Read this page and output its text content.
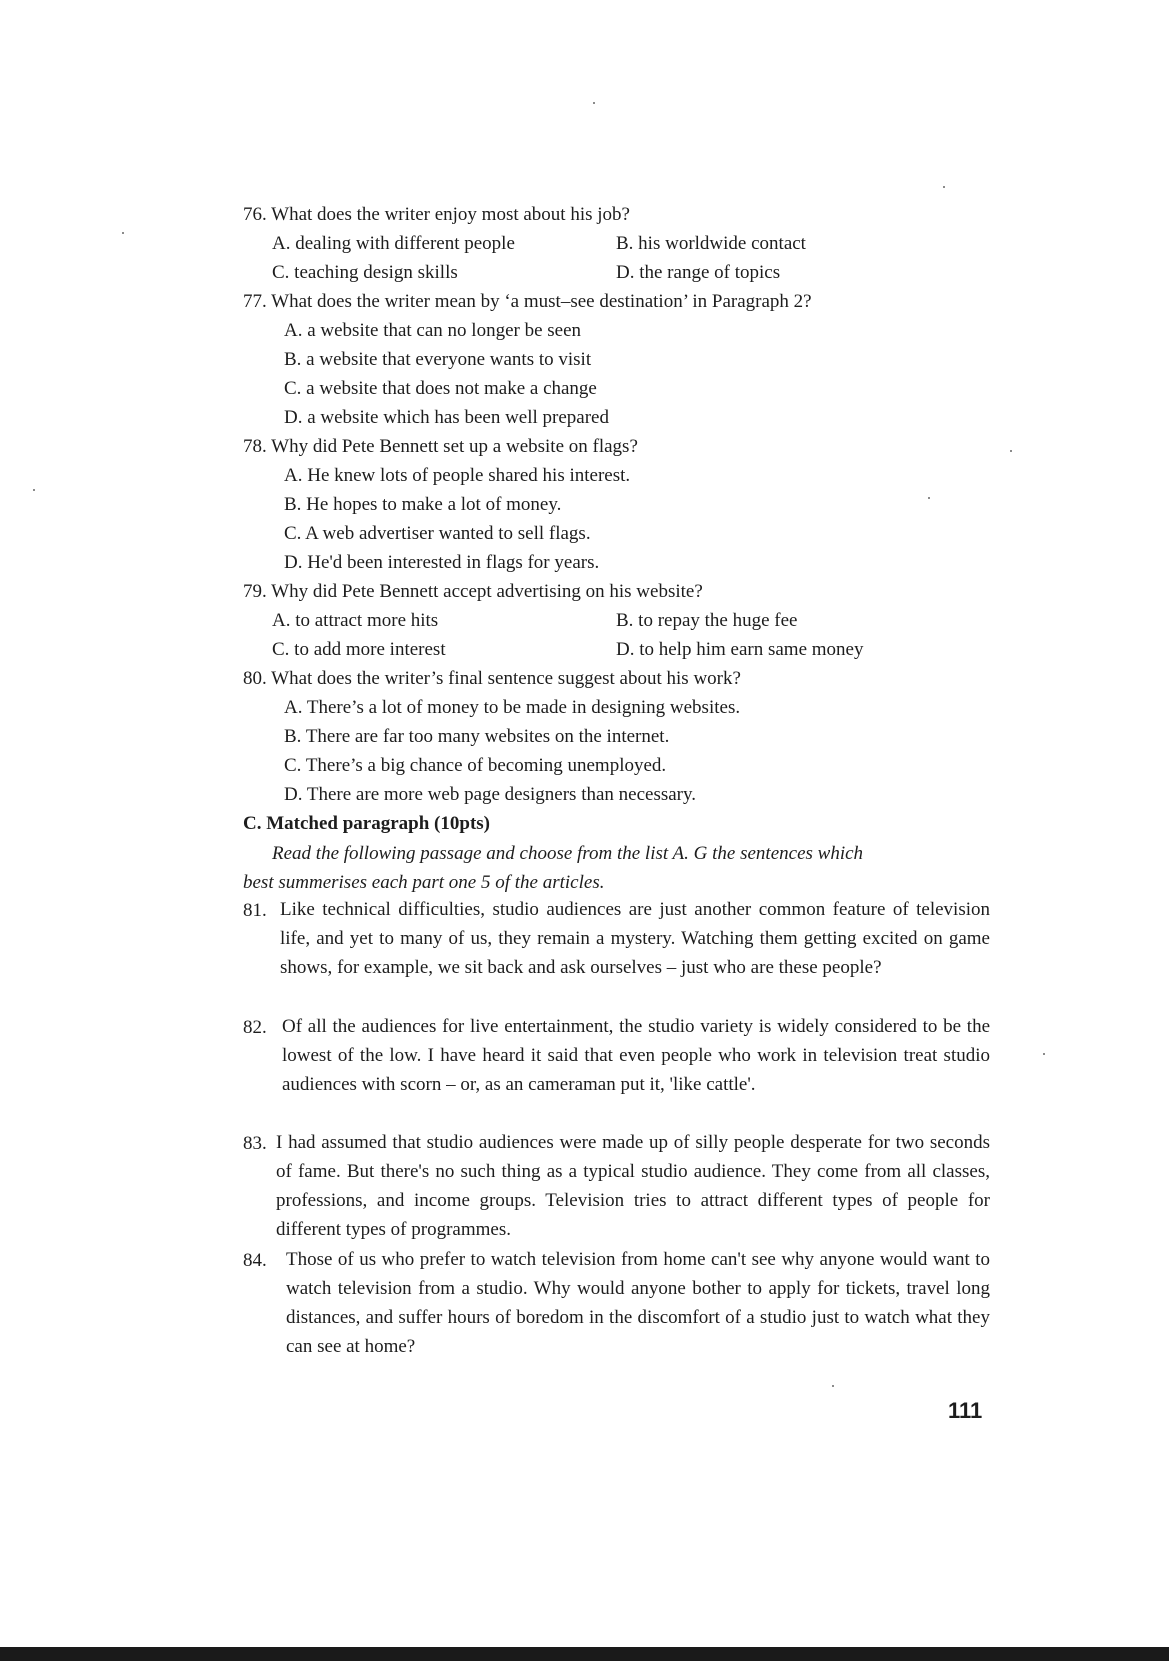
76. What does the writer enjoy most about his job?
A. dealing with different people	B. his worldwide contact
C. teaching design skills	D. the range of topics
77. What does the writer mean by ‘a must–see destination’ in Paragraph 2?
A. a website that can no longer be seen
B. a website that everyone wants to visit
C. a website that does not make a change
D. a website which has been well prepared
78. Why did Pete Bennett set up a website on flags?
A. He knew lots of people shared his interest.
B. He hopes to make a lot of money.
C. A web advertiser wanted to sell flags.
D. He'd been interested in flags for years.
79. Why did Pete Bennett accept advertising on his website?
A. to attract more hits	B. to repay the huge fee
C. to add more interest	D. to help him earn same money
80. What does the writer’s final sentence suggest about his work?
A. There’s a lot of money to be made in designing websites.
B. There are far too many websites on the internet.
C. There’s a big chance of becoming unemployed.
D. There are more web page designers than necessary.
C. Matched paragraph (10pts)
Read the following passage and choose from the list A. G the sentences which
best summerises each part one 5 of the articles.
81. Like technical difficulties, studio audiences are just another common feature of television life, and yet to many of us, they remain a mystery. Watching them getting excited on game shows, for example, we sit back and ask ourselves – just who are these people?
82. Of all the audiences for live entertainment, the studio variety is widely considered to be the lowest of the low. I have heard it said that even people who work in television treat studio audiences with scorn – or, as an cameraman put it, 'like cattle'.
83. I had assumed that studio audiences were made up of silly people desperate for two seconds of fame. But there's no such thing as a typical studio audience. They come from all classes, professions, and income groups. Television tries to attract different types of people for different types of programmes.
84. Those of us who prefer to watch television from home can't see why anyone would want to watch television from a studio. Why would anyone bother to apply for tickets, travel long distances, and suffer hours of boredom in the discomfort of a studio just to watch what they can see at home?
111
